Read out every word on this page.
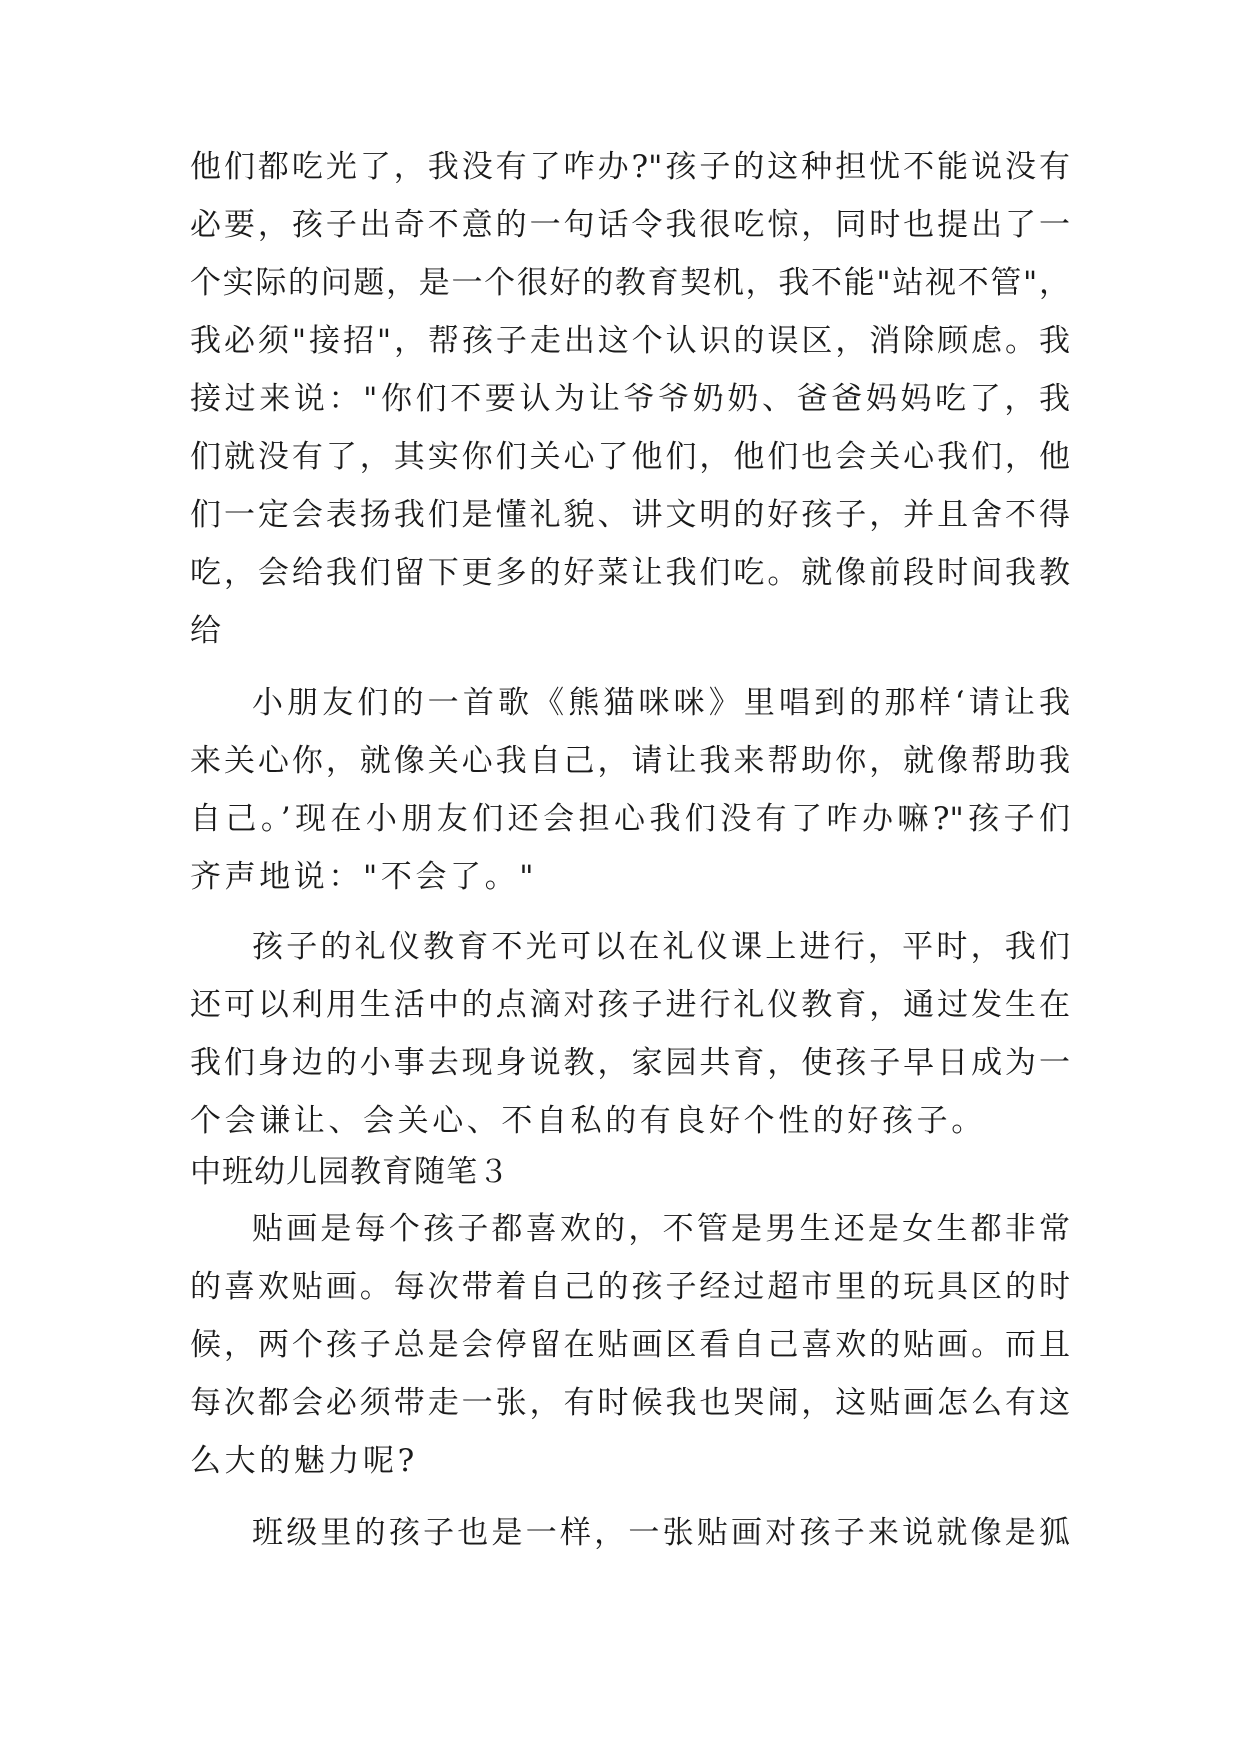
他们都吃光了，我没有了咋办?"孩子的这种担忧不能说没有
必要，孩子出奇不意的一句话令我很吃惊，同时也提出了一
个实际的问题，是一个很好的教育契机，我不能"站视不管"，
我必须"接招"，帮孩子走出这个认识的误区，消除顾虑。我
接过来说："你们不要认为让爷爷奶奶、爸爸妈妈吃了，我
们就没有了，其实你们关心了他们，他们也会关心我们，他
们一定会表扬我们是懂礼貌、讲文明的好孩子，并且舍不得
吃，会给我们留下更多的好菜让我们吃。就像前段时间我教
给
小朋友们的一首歌《熊猫咪咪》里唱到的那样‘请让我
来关心你，就像关心我自己，请让我来帮助你，就像帮助我
自己。’现在小朋友们还会担心我们没有了咋办嘛?"孩子们
齐声地说："不会了。"
孩子的礼仪教育不光可以在礼仪课上进行，平时，我们
还可以利用生活中的点滴对孩子进行礼仪教育，通过发生在
我们身边的小事去现身说教，家园共育，使孩子早日成为一
个会谦让、会关心、不自私的有良好个性的好孩子。
中班幼儿园教育随笔３
贴画是每个孩子都喜欢的，不管是男生还是女生都非常
的喜欢贴画。每次带着自己的孩子经过超市里的玩具区的时
候，两个孩子总是会停留在贴画区看自己喜欢的贴画。而且
每次都会必须带走一张，有时候我也哭闹，这贴画怎么有这
么大的魅力呢?
班级里的孩子也是一样，一张贴画对孩子来说就像是狐
